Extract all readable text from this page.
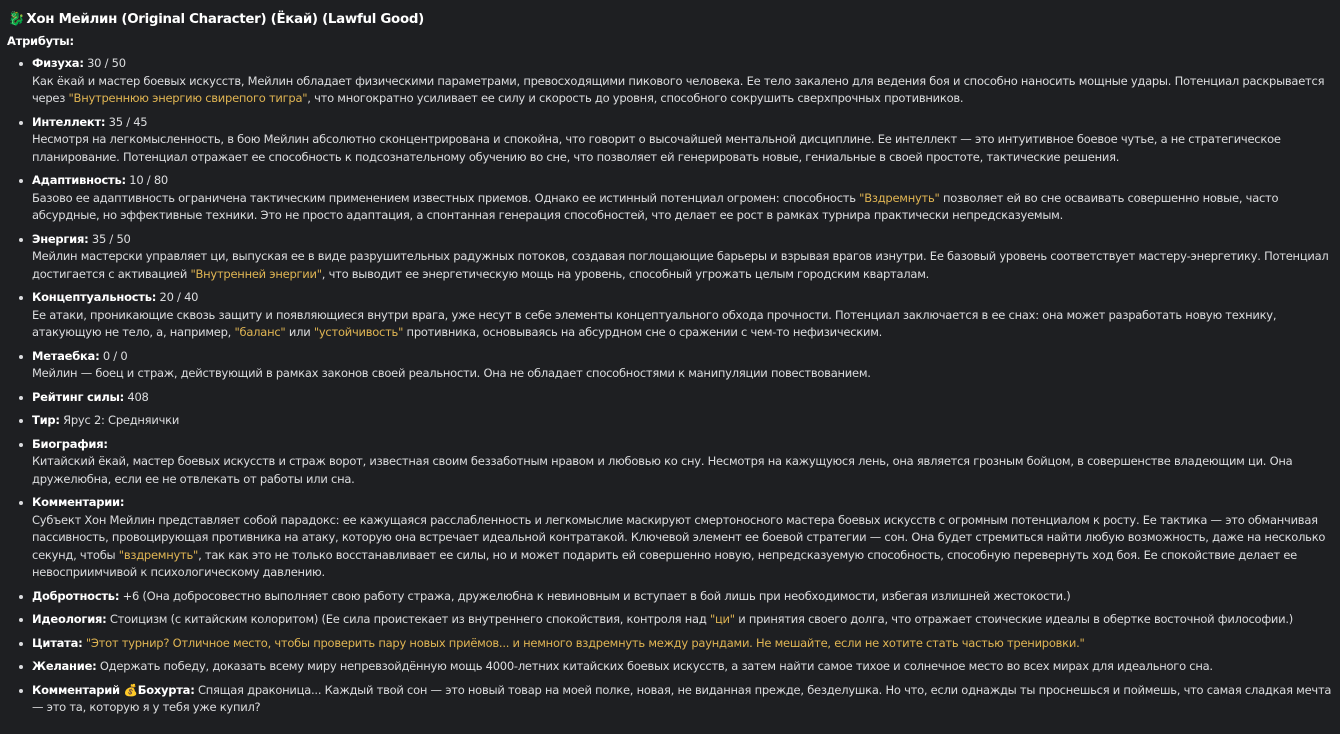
🐉 Хон Мейлин (Original Character) (Ёкай) (Lawful Good)
Атрибуты:
Физуха: 30 / 50
Как ёкай и мастер боевых искусств, Мейлин обладает физическими параметрами, превосходящими пикового человека. Ее тело закалено для ведения боя и способно наносить мощные удары. Потенциал раскрывается через "Внутреннюю энергию свирепого тигра", что многократно усиливает ее силу и скорость до уровня, способного сокрушить сверхпрочных противников.
Интеллект: 35 / 45
Несмотря на легкомысленность, в бою Мейлин абсолютно сконцентрирована и спокойна, что говорит о высочайшей ментальной дисциплине. Ее интеллект — это интуитивное боевое чутье, а не стратегическое планирование. Потенциал отражает ее способность к подсознательному обучению во сне, что позволяет ей генерировать новые, гениальные в своей простоте, тактические решения.
Адаптивность: 10 / 80
Базово ее адаптивность ограничена тактическим применением известных приемов. Однако ее истинный потенциал огромен: способность "Вздремнуть" позволяет ей во сне осваивать совершенно новые, часто абсурдные, но эффективные техники. Это не просто адаптация, а спонтанная генерация способностей, что делает ее рост в рамках турнира практически непредсказуемым.
Энергия: 35 / 50
Мейлин мастерски управляет ци, выпуская ее в виде разрушительных радужных потоков, создавая поглощающие барьеры и взрывая врагов изнутри. Ее базовый уровень соответствует мастеру-энергетику. Потенциал достигается с активацией "Внутренней энергии", что выводит ее энергетическую мощь на уровень, способный угрожать целым городским кварталам.
Концептуальность: 20 / 40
Ее атаки, проникающие сквозь защиту и появляющиеся внутри врага, уже несут в себе элементы концептуального обхода прочности. Потенциал заключается в ее снах: она может разработать новую технику, атакующую не тело, а, например, "баланс" или "устойчивость" противника, основываясь на абсурдном сне о сражении с чем-то нефизическим.
Метаебка: 0 / 0
Мейлин — боец и страж, действующий в рамках законов своей реальности. Она не обладает способностями к манипуляции повествованием.
Рейтинг силы: 408
Тир: Ярус 2: Средняички
Биография:
Китайский ёкай, мастер боевых искусств и страж ворот, известная своим беззаботным нравом и любовью ко сну. Несмотря на кажущуюся лень, она является грозным бойцом, в совершенстве владеющим ци. Она дружелюбна, если ее не отвлекать от работы или сна.
Комментарии:
Субъект Хон Мейлин представляет собой парадокс: ее кажущаяся расслабленность и легкомыслие маскируют смертоносного мастера боевых искусств с огромным потенциалом к росту. Ее тактика — это обманчивая пассивность, провоцирующая противника на атаку, которую она встречает идеальной контратакой. Ключевой элемент ее боевой стратегии — сон. Она будет стремиться найти любую возможность, даже на несколько секунд, чтобы "вздремнуть", так как это не только восстанавливает ее силы, но и может подарить ей совершенно новую, непредсказуемую способность, способную перевернуть ход боя. Ее спокойствие делает ее невосприимчивой к психологическому давлению.
Добротность: +6 (Она добросовестно выполняет свою работу стража, дружелюбна к невиновным и вступает в бой лишь при необходимости, избегая излишней жестокости.)
Идеология: Стоицизм (с китайским колоритом) (Ее сила проистекает из внутреннего спокойствия, контроля над "ци" и принятия своего долга, что отражает стоические идеалы в обертке восточной философии.)
Цитата: "Этот турнир? Отличное место, чтобы проверить пару новых приёмов... и немного вздремнуть между раундами. Не мешайте, если не хотите стать частью тренировки."
Желание: Одержать победу, доказать всему миру непревзойдённую мощь 4000-летних китайских боевых искусств, а затем найти самое тихое и солнечное место во всех мирах для идеального сна.
Комментарий 💰Бохурта: Спящая драконица... Каждый твой сон — это новый товар на моей полке, новая, не виданная прежде, безделушка. Но что, если однажды ты проснешься и поймешь, что самая сладкая мечта — это та, которую я у тебя уже купил?
